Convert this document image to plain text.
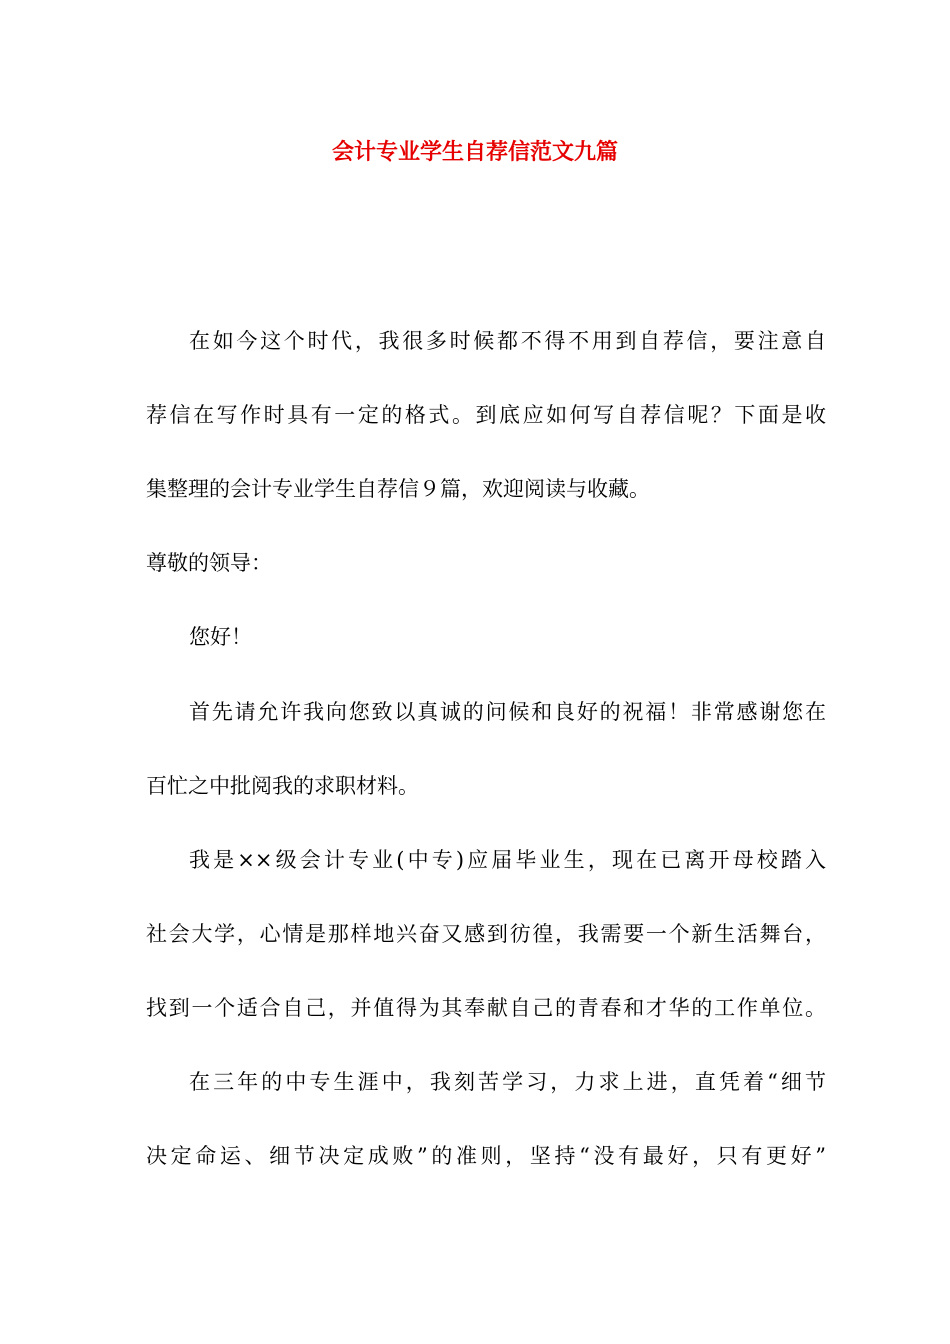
会计专业学生自荐信范文九篇

在如今这个时代，我很多时候都不得不用到自荐信，要注意自

荐信在写作时具有一定的格式。到底应如何写自荐信呢？下面是收

集整理的会计专业学生自荐信９篇，欢迎阅读与收藏。

尊敬的领导：

您好！

首先请允许我向您致以真诚的问候和良好的祝福！非常感谢您在

百忙之中批阅我的求职材料。

我是××级会计专业(中专)应届毕业生，现在已离开母校踏入

社会大学，心情是那样地兴奋又感到彷徨，我需要一个新生活舞台，

找到一个适合自己，并值得为其奉献自己的青春和才华的工作单位。

在三年的中专生涯中，我刻苦学习，力求上进，直凭着“细节

决定命运、细节决定成败”的准则，坚持“没有最好，只有更好”
